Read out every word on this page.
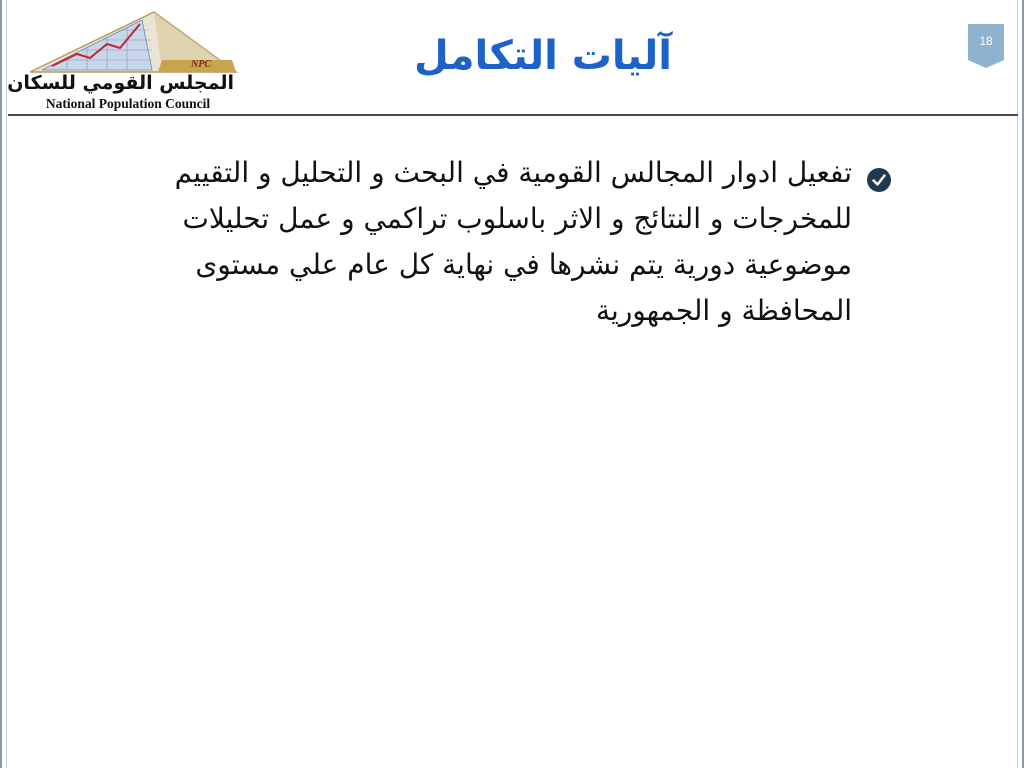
المجلس القومي للسكان
National Population Council
NPC	آليات التكامل	18
تفعيل ادوار المجالس القومية في البحث و التحليل و التقييم للمخرجات و النتائج و الاثر باسلوب تراكمي و عمل تحليلات موضوعية دورية يتم نشرها في نهاية كل عام علي مستوى المحافظة و الجمهورية
